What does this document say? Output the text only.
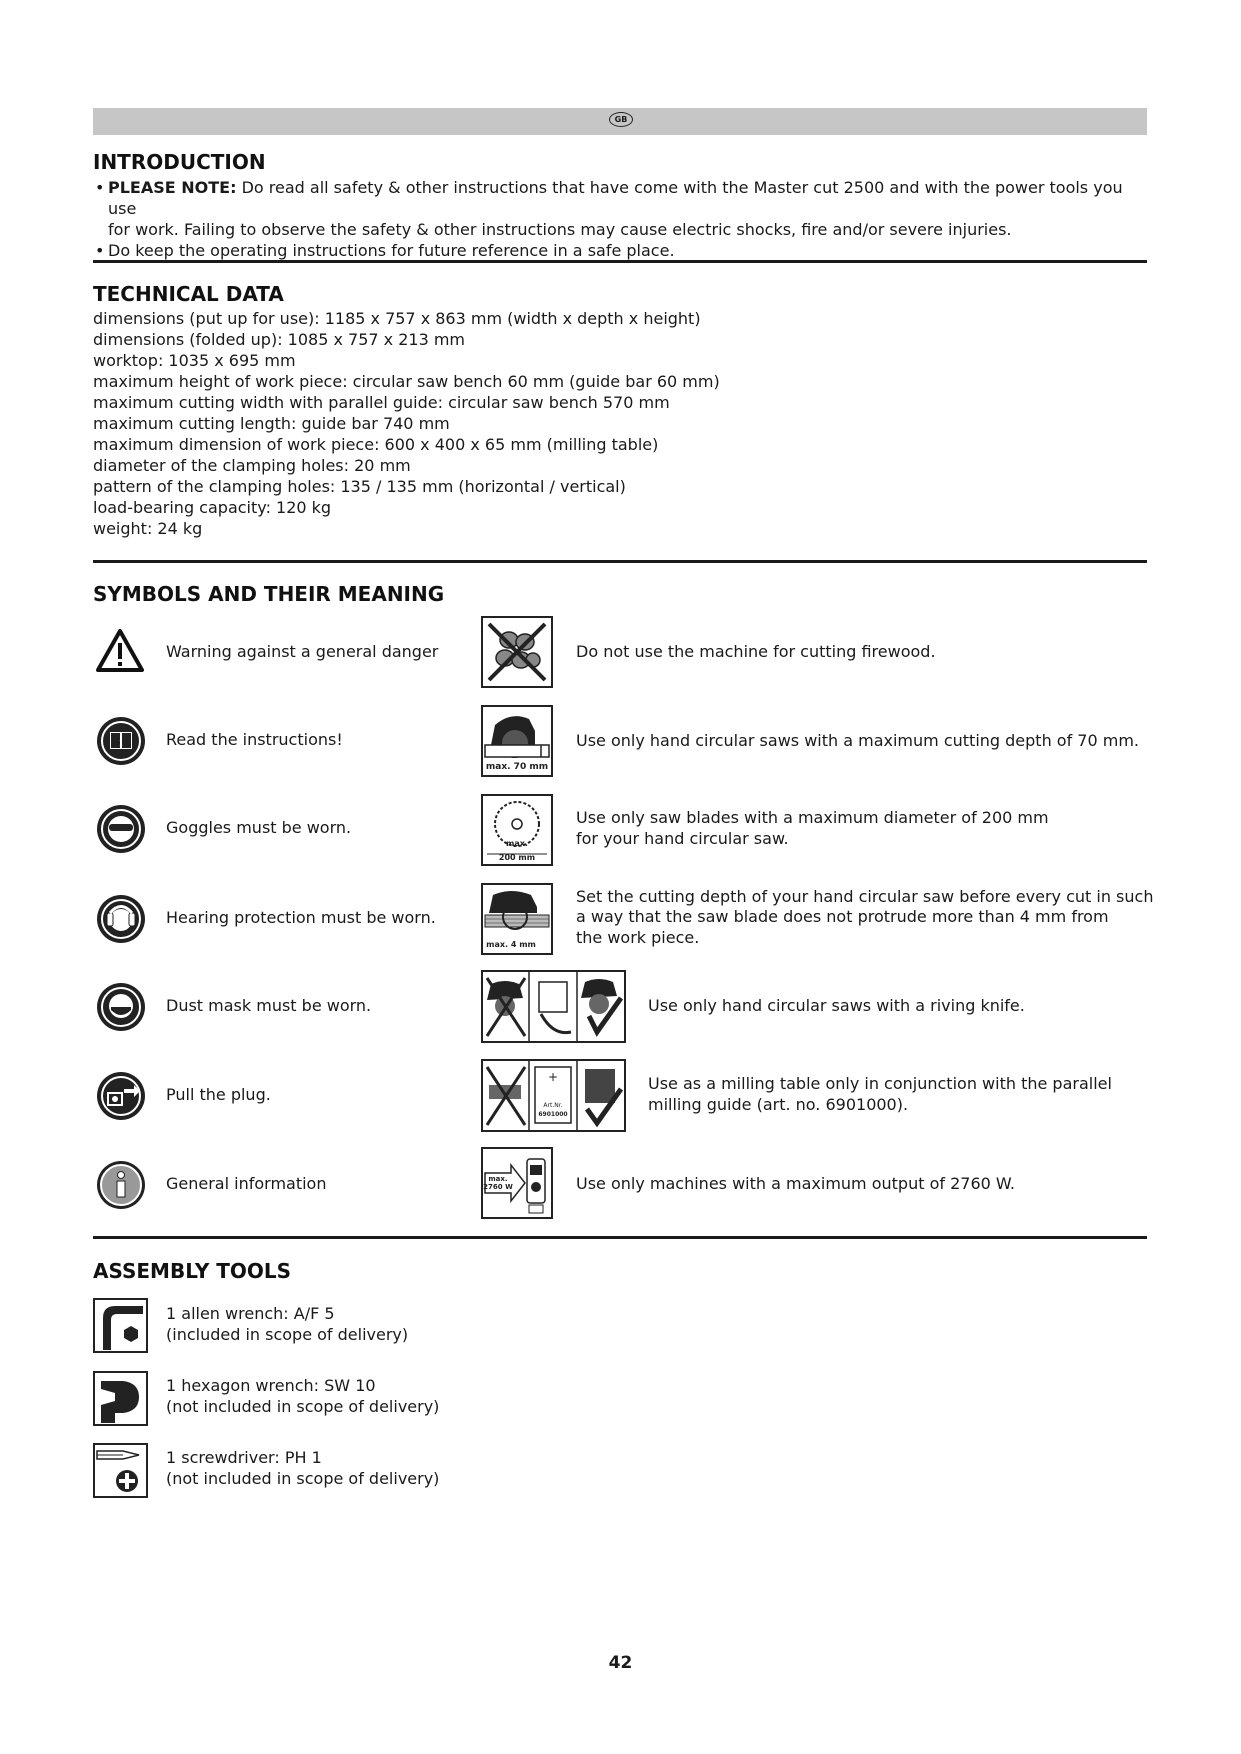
GB
INTRODUCTION
• PLEASE NOTE: Do read all safety & other instructions that have come with the Master cut 2500 and with the power tools you use
for work. Failing to observe the safety & other instructions may cause electric shocks, fire and/or severe injuries.
• Do keep the operating instructions for future reference in a safe place.
TECHNICAL DATA
dimensions (put up for use): 1185 x 757 x 863 mm (width x depth x height)
dimensions (folded up): 1085 x 757 x 213 mm
worktop: 1035 x 695 mm
maximum height of work piece: circular saw bench 60 mm (guide bar 60 mm)
maximum cutting width with parallel guide: circular saw bench 570 mm
maximum cutting length: guide bar 740 mm
maximum dimension of work piece: 600 x 400 x 65 mm (milling table)
diameter of the clamping holes: 20 mm
pattern of the clamping holes: 135 / 135 mm (horizontal / vertical)
load-bearing capacity: 120 kg
weight: 24 kg
SYMBOLS AND THEIR MEANING
Warning against a general danger
i	Read the instructions!
Goggles must be worn.
Hearing protection must be worn.
Dust mask must be worn.
Pull the plug.
General information
Do not use the machine for cutting firewood.
max. 70 mm
Use only hand circular saws with a maximum cutting depth of 70 mm.
max.
200 mm
Use only saw blades with a maximum diameter of 200 mm
for your hand circular saw.
max. 4 mm
Set the cutting depth of your hand circular saw before every cut in such
a way that the saw blade does not protrude more than 4 mm from
the work piece.
Use only hand circular saws with a riving knife.
+
Art.Nr.
6901000
Use as a milling table only in conjunction with the parallel
milling guide (art. no. 6901000).
max.
2760 W	Use only machines with a maximum output of 2760 W.
ASSEMBLY TOOLS
1 allen wrench: A/F 5
(included in scope of delivery)
1 hexagon wrench: SW 10
(not included in scope of delivery)
1 screwdriver: PH 1
(not included in scope of delivery)
42
